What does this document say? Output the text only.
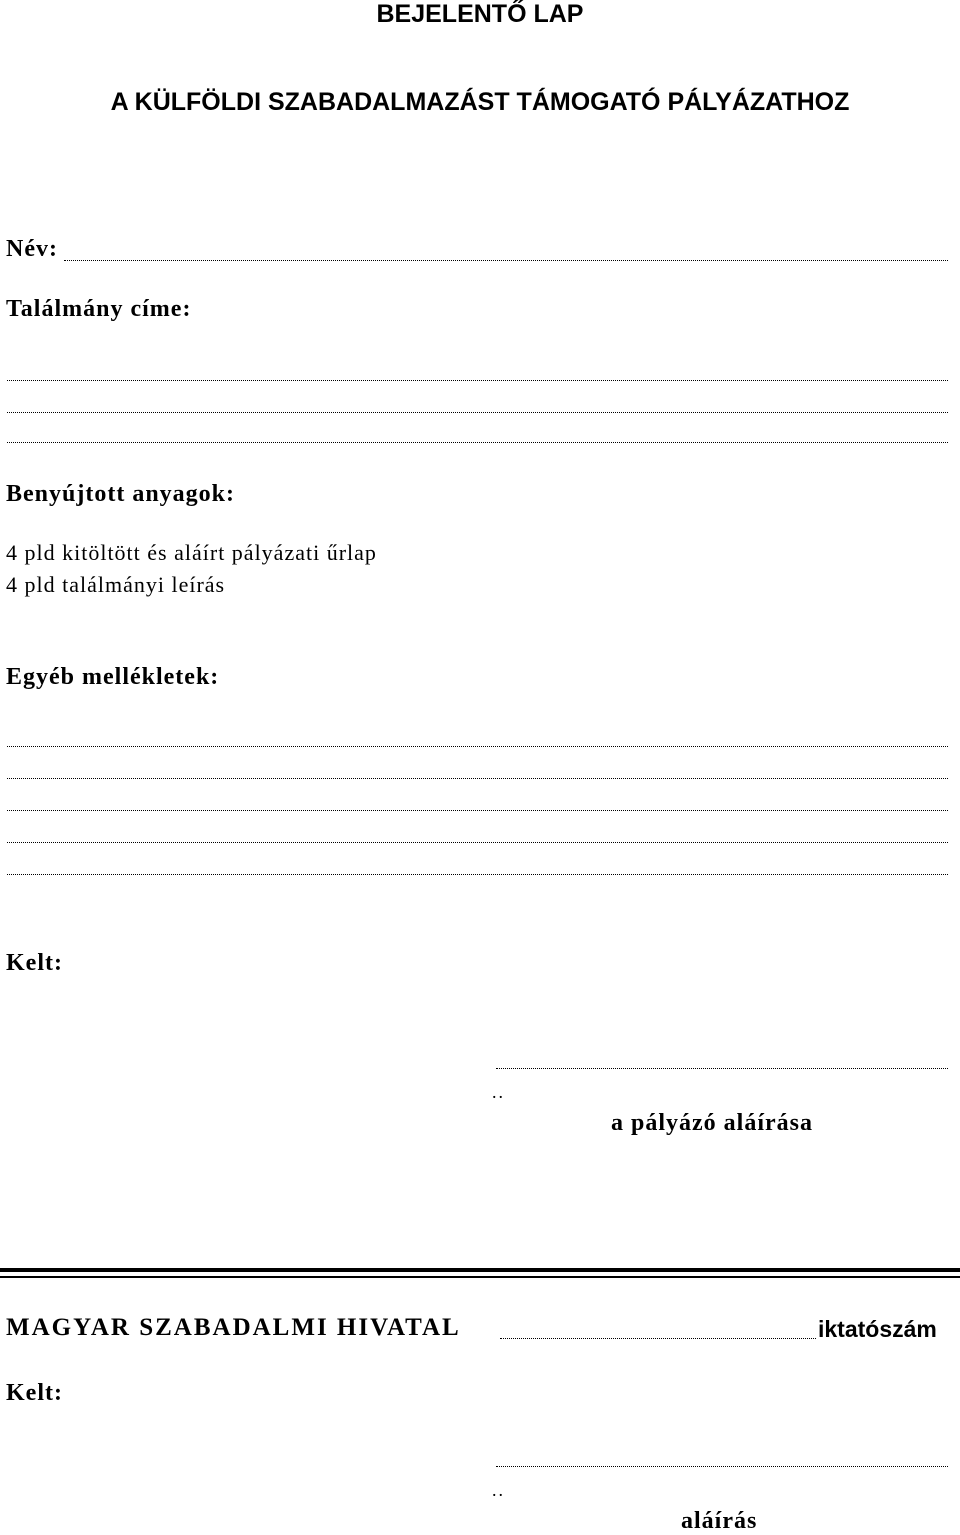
BEJELENTŐ LAP
A KÜLFÖLDI SZABADALMAZÁST TÁMOGATÓ PÁLYÁZATHOZ
Név:
Találmány címe:
Benyújtott anyagok:
4 pld kitöltött és aláírt pályázati űrlap
4 pld találmányi leírás
Egyéb mellékletek:
Kelt:
..
a pályázó aláírása
MAGYAR SZABADALMI HIVATAL	iktatószám
Kelt:
..
aláírás
